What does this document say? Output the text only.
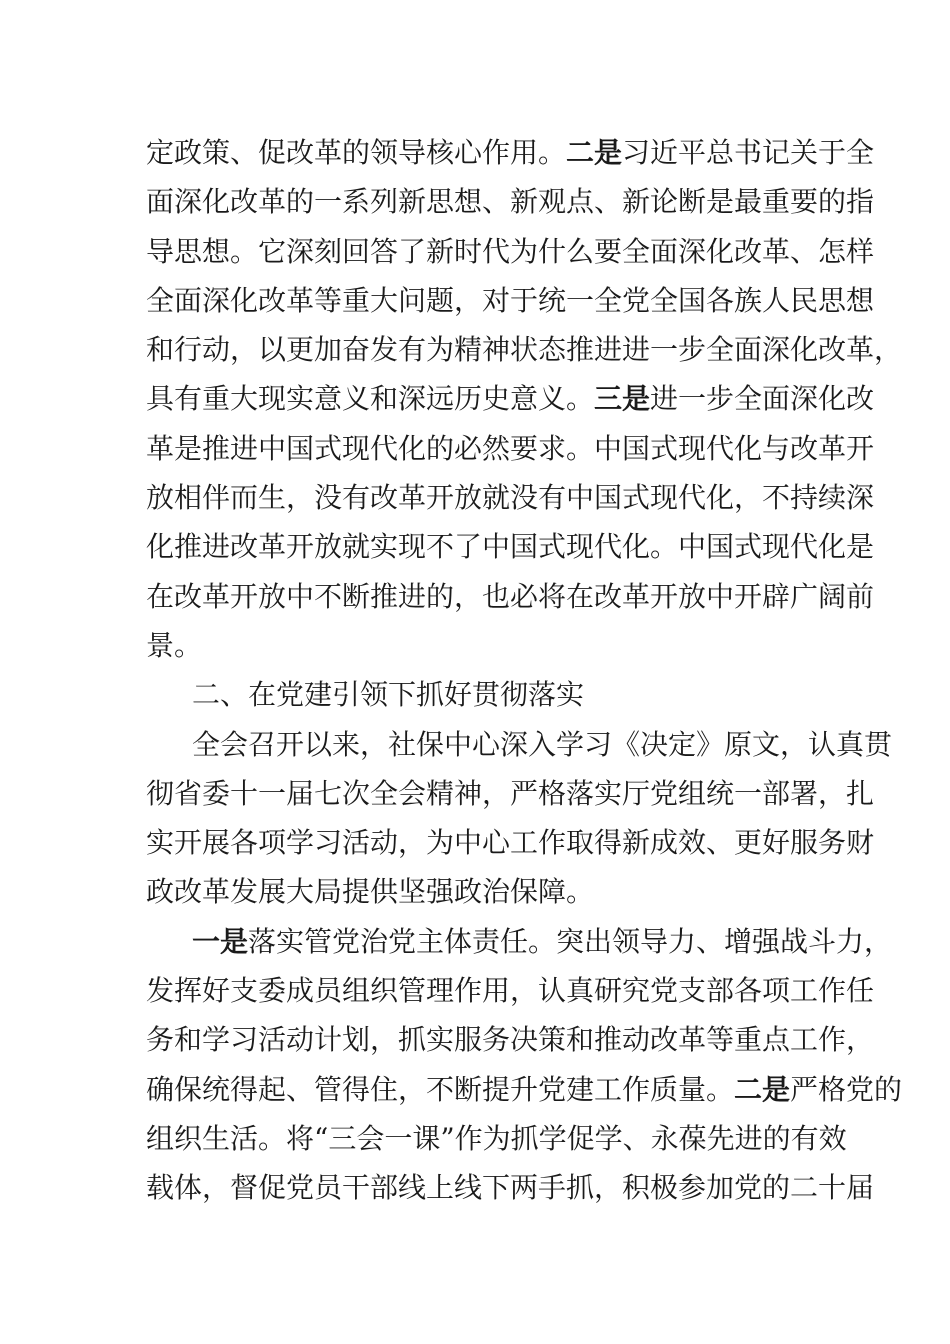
定政策、促改革的领导核心作用。二是习近平总书记关于全
面深化改革的一系列新思想、新观点、新论断是最重要的指
导思想。它深刻回答了新时代为什么要全面深化改革、怎样
全面深化改革等重大问题，对于统一全党全国各族人民思想
和行动，以更加奋发有为精神状态推进进一步全面深化改革，
具有重大现实意义和深远历史意义。三是进一步全面深化改
革是推进中国式现代化的必然要求。中国式现代化与改革开
放相伴而生，没有改革开放就没有中国式现代化，不持续深
化推进改革开放就实现不了中国式现代化。中国式现代化是
在改革开放中不断推进的，也必将在改革开放中开辟广阔前
景。
二、在党建引领下抓好贯彻落实
全会召开以来，社保中心深入学习《决定》原文，认真贯
彻省委十一届七次全会精神，严格落实厅党组统一部署，扎
实开展各项学习活动，为中心工作取得新成效、更好服务财
政改革发展大局提供坚强政治保障。
一是落实管党治党主体责任。突出领导力、增强战斗力，
发挥好支委成员组织管理作用，认真研究党支部各项工作任
务和学习活动计划，抓实服务决策和推动改革等重点工作，
确保统得起、管得住，不断提升党建工作质量。二是严格党的
组织生活。将“三会一课”作为抓学促学、永葆先进的有效
载体，督促党员干部线上线下两手抓，积极参加党的二十届
